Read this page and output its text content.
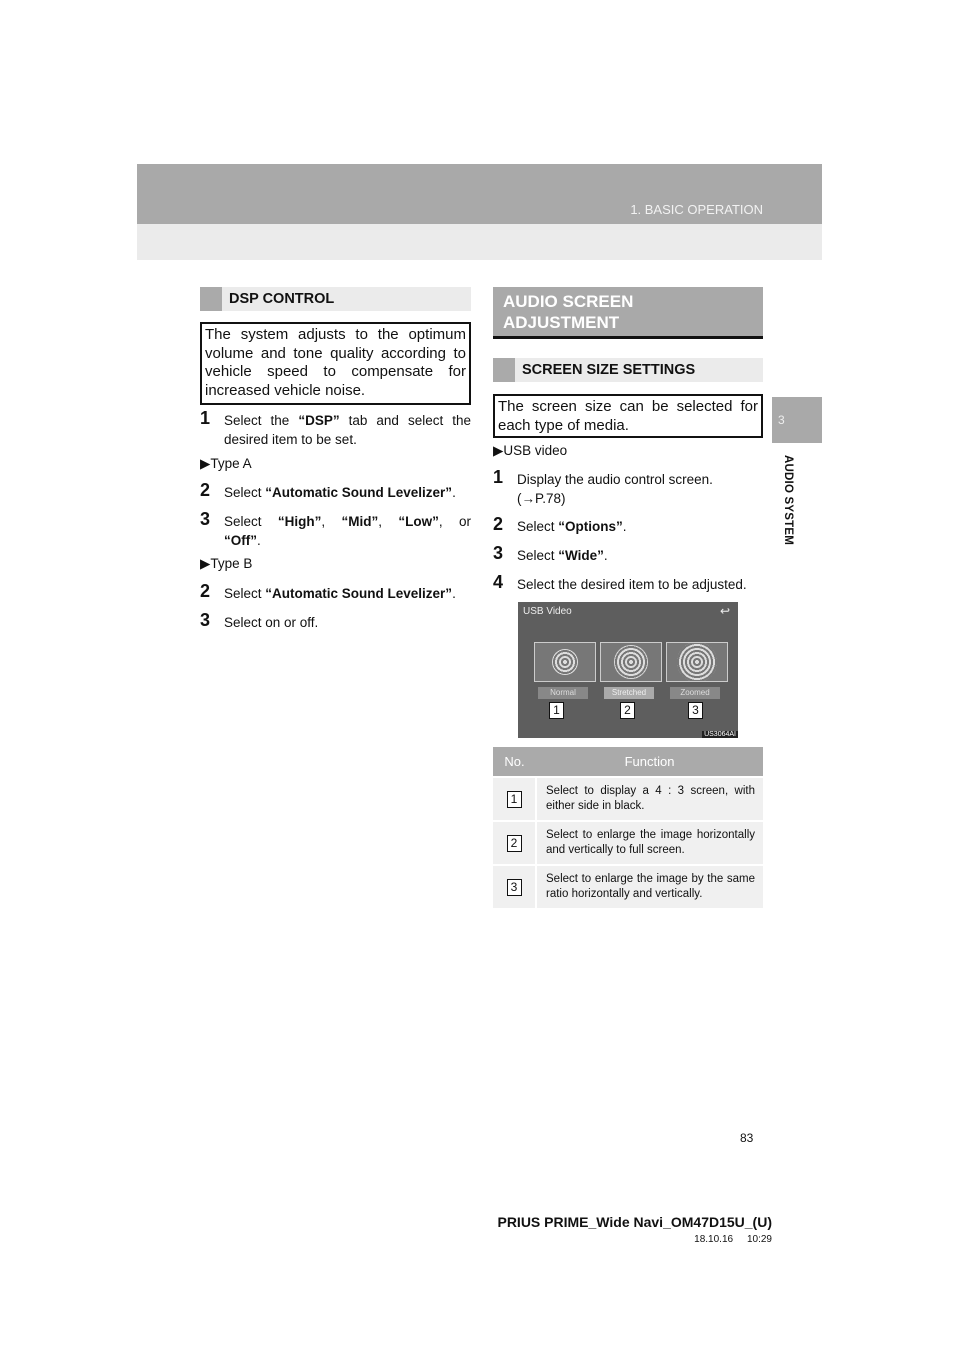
1. BASIC OPERATION
3
AUDIO SYSTEM
DSP CONTROL
The system adjusts to the optimum volume and tone quality according to vehicle speed to compensate for increased vehicle noise.
1 Select the “DSP” tab and select the desired item to be set.
▶Type A
2 Select “Automatic Sound Levelizer”.
3 Select “High”, “Mid”, “Low”, or “Off”.
▶Type B
2 Select “Automatic Sound Levelizer”.
3 Select on or off.
AUDIO SCREEN ADJUSTMENT
SCREEN SIZE SETTINGS
The screen size can be selected for each type of media.
▶USB video
1 Display the audio control screen.
(→P.78)
2 Select “Options”.
3 Select “Wide”.
4 Select the desired item to be adjusted.
USB Video	↩
Normal	Stretched	Zoomed
1	2	3
US3064AI
No.	Function
1	Select to display a 4 : 3 screen, with either side in black.
2	Select to enlarge the image horizontally and vertically to full screen.
3	Select to enlarge the image by the same ratio horizontally and vertically.
83
PRIUS PRIME_Wide Navi_OM47D15U_(U)
18.10.16     10:29
